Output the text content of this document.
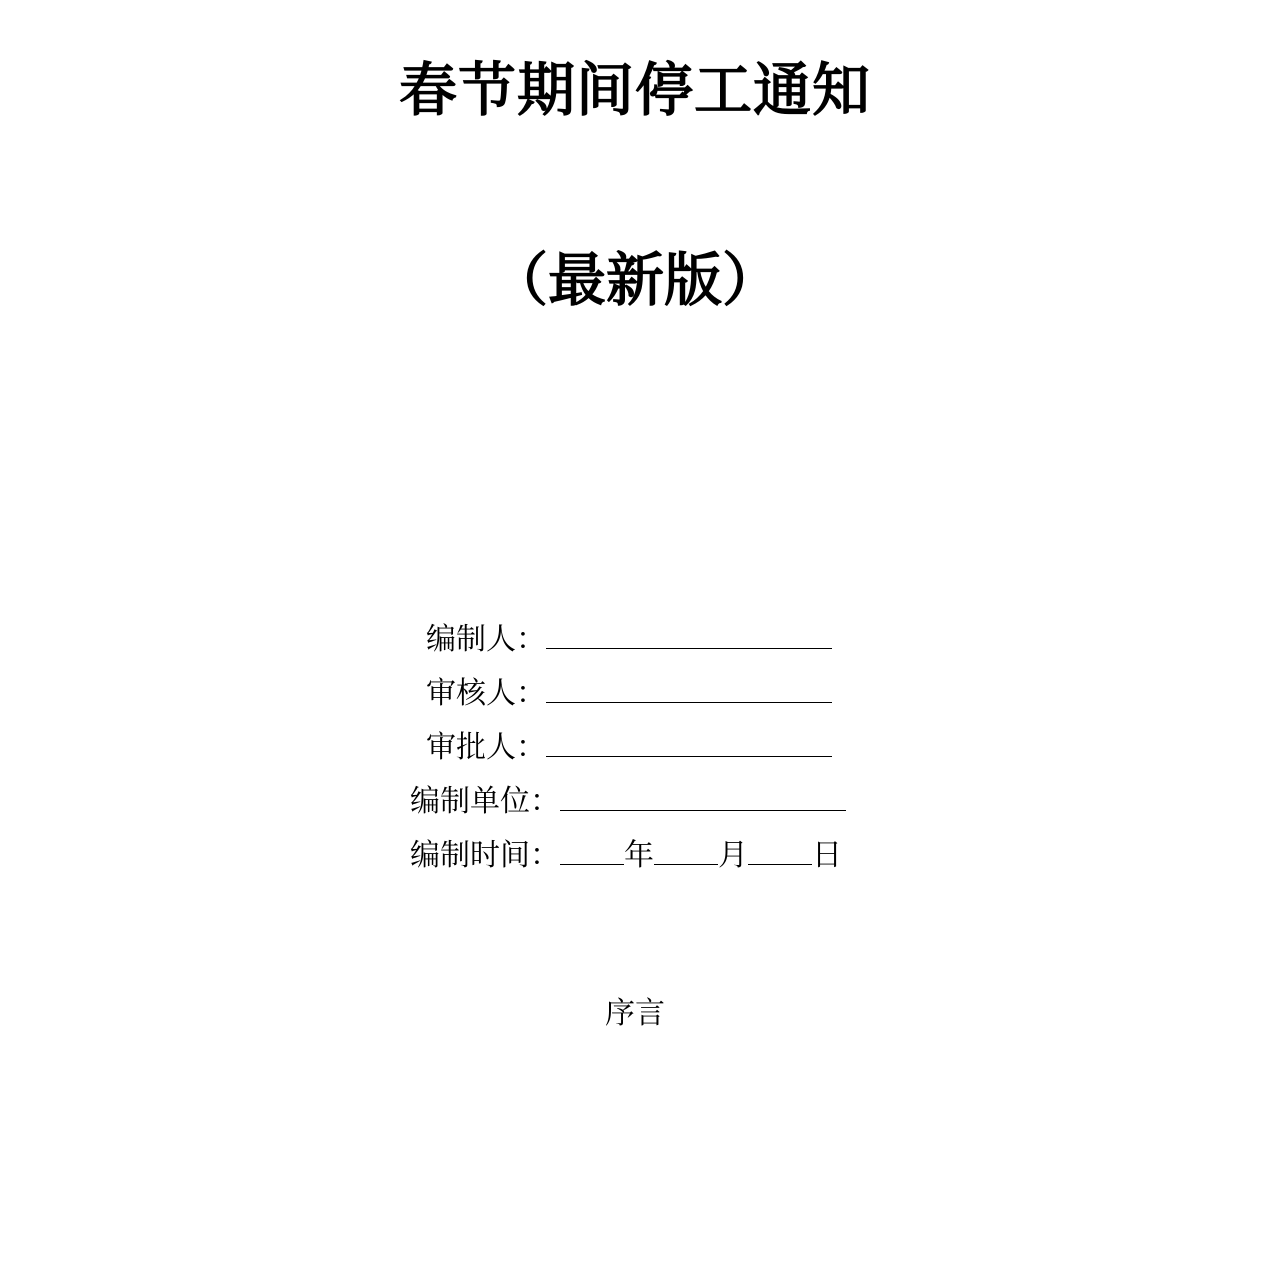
春节期间停工通知
（最新版）
编制人：
审核人：
审批人：
编制单位：
编制时间： 年 月 日
序言
